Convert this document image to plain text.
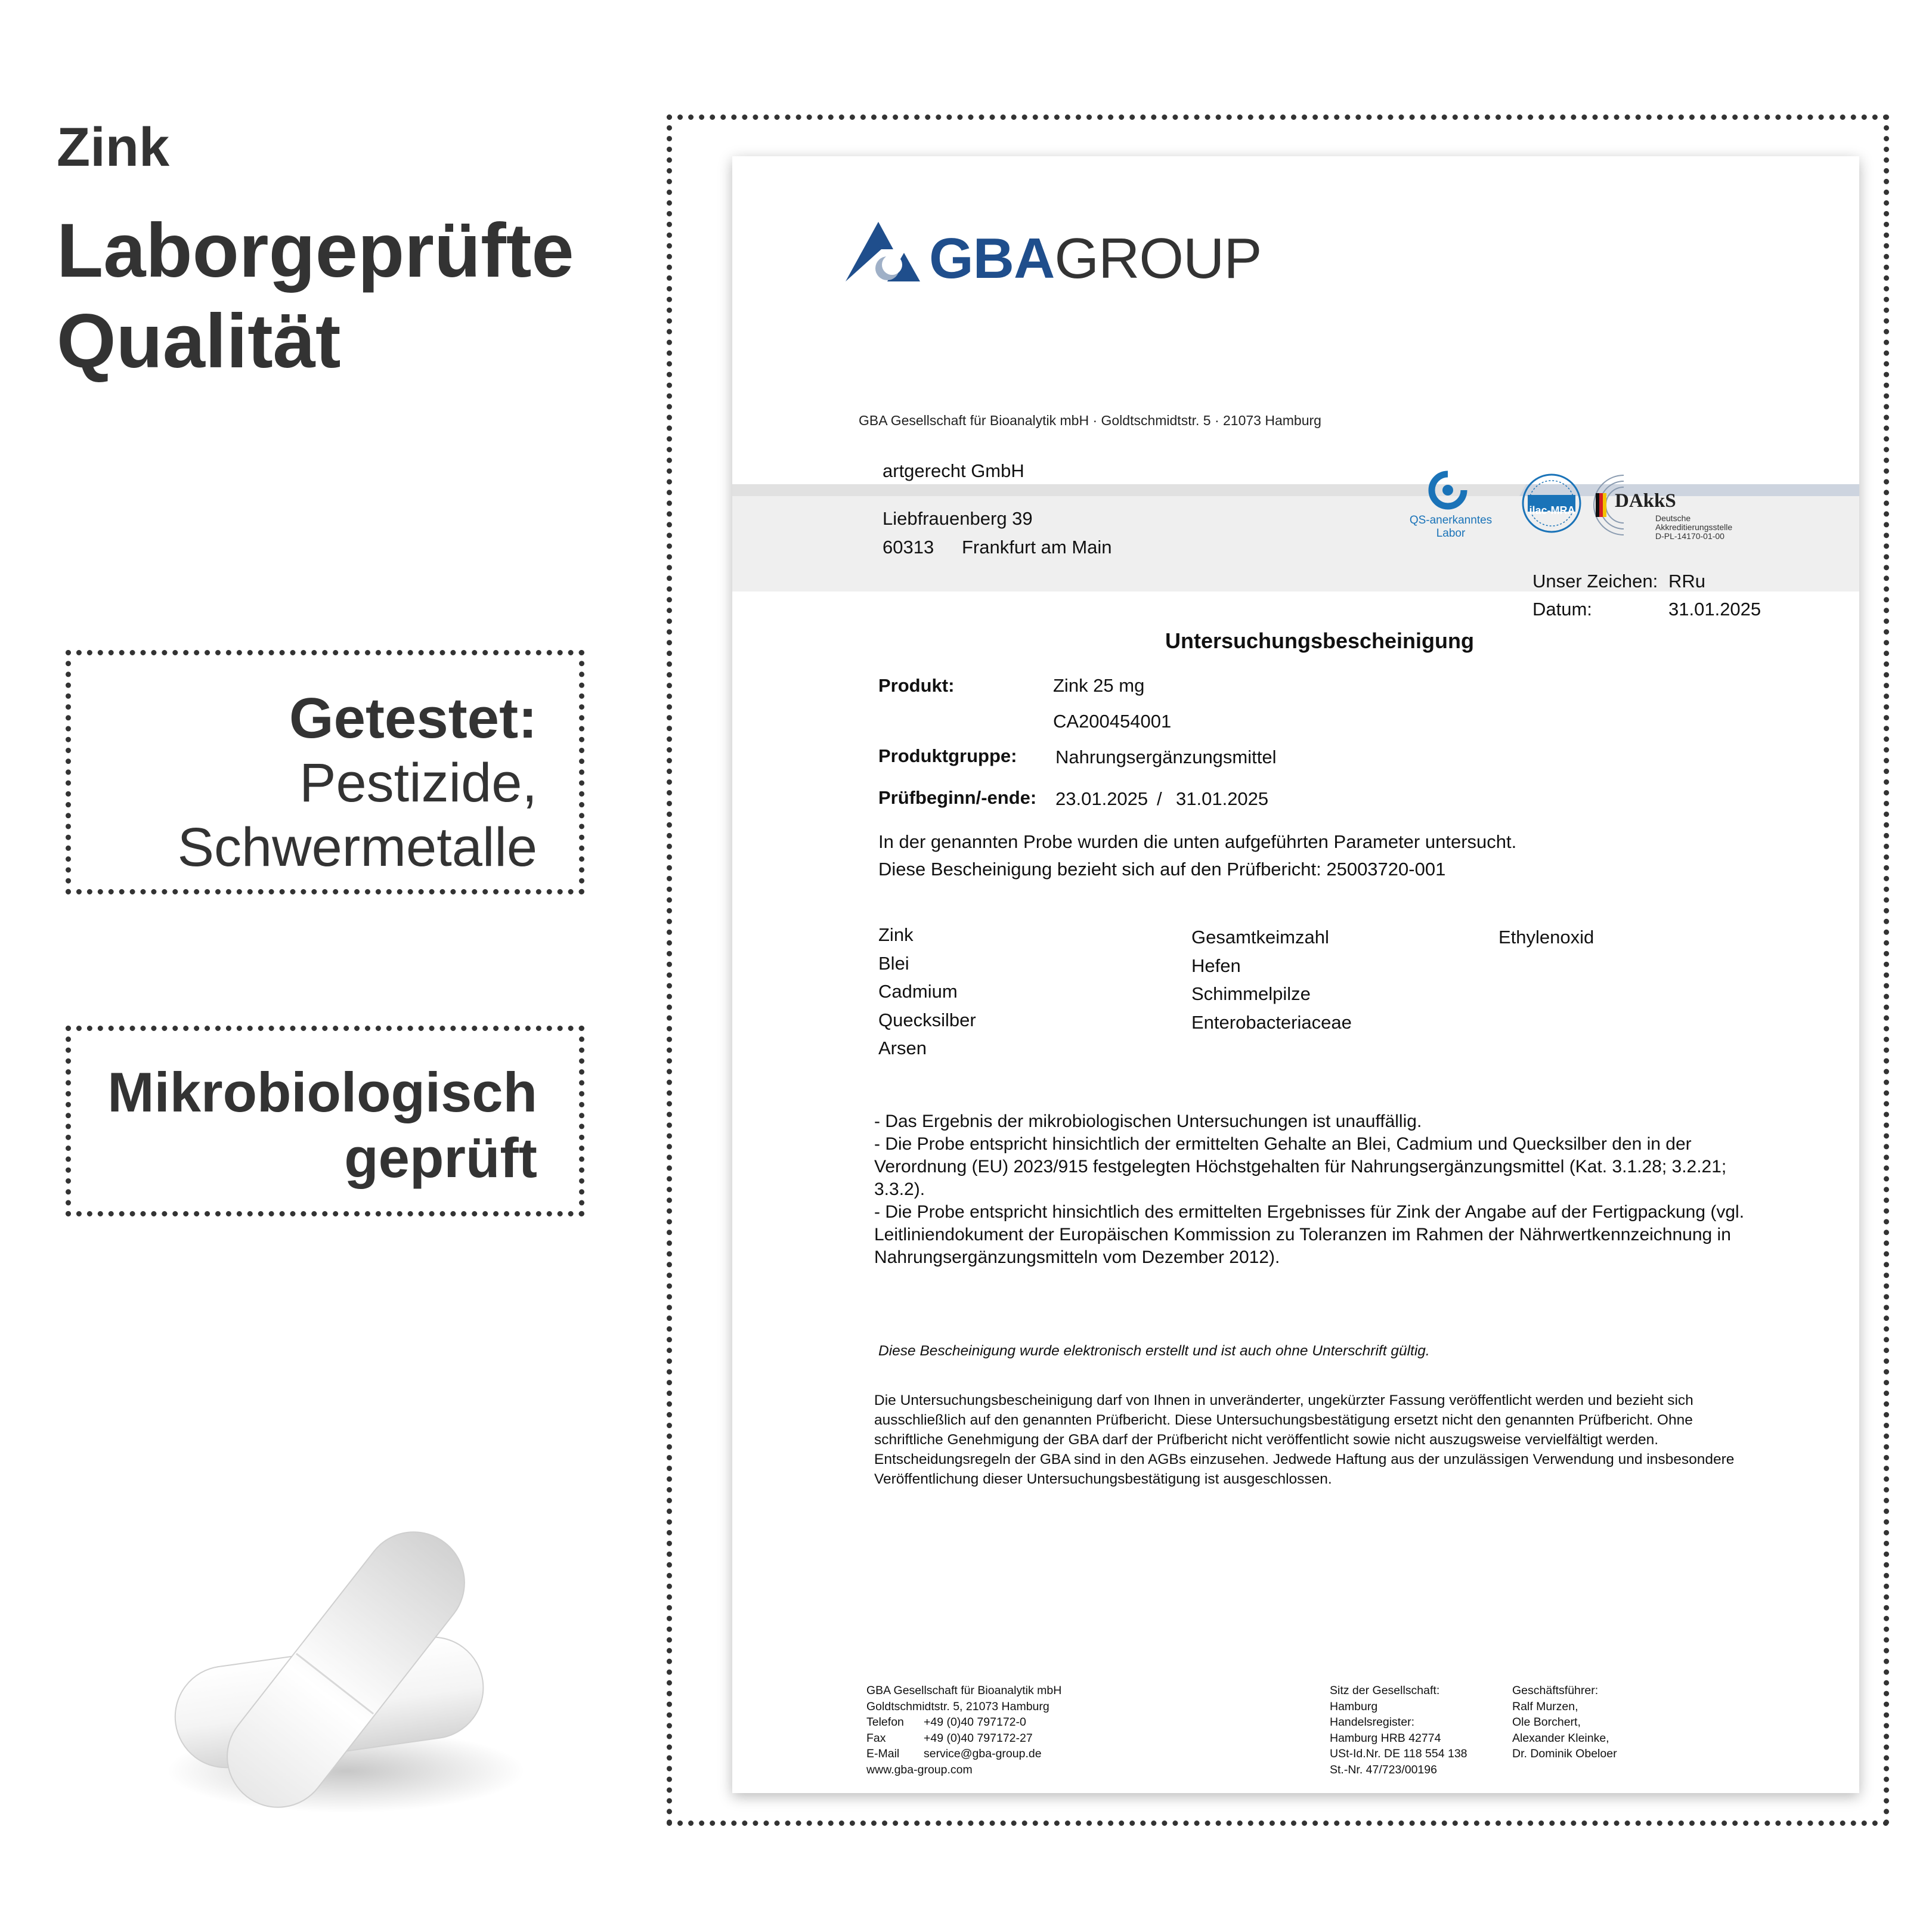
Zink
Laborgeprüfte
Qualität
Getestet:
Pestizide,
Schwermetalle
Mikrobiologisch
geprüft
GBAGROUP
GBA Gesellschaft für Bioanalytik mbH · Goldtschmidtstr. 5 · 21073 Hamburg
artgerecht GmbH
Liebfrauenberg 39
60313 Frankfurt am Main
QS-anerkanntes
Labor
ilac-MRA DAkkS
Deutsche
Akkreditierungsstelle
D-PL-14170-01-00
Unser Zeichen: RRu
Datum:	31.01.2025
Untersuchungsbescheinigung
Produkt:	Zink 25 mg
CA200454001
Produktgruppe: Nahrungsergänzungsmittel
Prüfbeginn/-ende: 23.01.2025 / 31.01.2025
In der genannten Probe wurden die unten aufgeführten Parameter untersucht.
Diese Bescheinigung bezieht sich auf den Prüfbericht: 25003720-001
Zink
Blei
Cadmium
Quecksilber
Arsen
Gesamtkeimzahl
Hefen
Schimmelpilze
Enterobacteriaceae
Ethylenoxid
- Das Ergebnis der mikrobiologischen Untersuchungen ist unauffällig.
- Die Probe entspricht hinsichtlich der ermittelten Gehalte an Blei, Cadmium und Quecksilber den in der
Verordnung (EU) 2023/915 festgelegten Höchstgehalten für Nahrungsergänzungsmittel (Kat. 3.1.28; 3.2.21;
3.3.2).
- Die Probe entspricht hinsichtlich des ermittelten Ergebnisses für Zink der Angabe auf der Fertigpackung (vgl.
Leitliniendokument der Europäischen Kommission zu Toleranzen im Rahmen der Nährwertkennzeichnung in
Nahrungsergänzungsmitteln vom Dezember 2012).
Diese Bescheinigung wurde elektronisch erstellt und ist auch ohne Unterschrift gültig.
Die Untersuchungsbescheinigung darf von Ihnen in unveränderter, ungekürzter Fassung veröffentlicht werden und bezieht sich
ausschließlich auf den genannten Prüfbericht. Diese Untersuchungsbestätigung ersetzt nicht den genannten Prüfbericht. Ohne
schriftliche Genehmigung der GBA darf der Prüfbericht nicht veröffentlicht sowie nicht auszugsweise vervielfältigt werden.
Entscheidungsregeln der GBA sind in den AGBs einzusehen. Jedwede Haftung aus der unzulässigen Verwendung und insbesondere
Veröffentlichung dieser Untersuchungsbestätigung ist ausgeschlossen.
GBA Gesellschaft für Bioanalytik mbH
Goldtschmidtstr. 5, 21073 Hamburg
Telefon +49 (0)40 797172-0
Fax	+49 (0)40 797172-27
E-Mail service@gba-group.de
www.gba-group.com
Sitz der Gesellschaft:
Hamburg
Handelsregister:
Hamburg HRB 42774
USt-Id.Nr. DE 118 554 138
St.-Nr. 47/723/00196
Geschäftsführer:
Ralf Murzen,
Ole Borchert,
Alexander Kleinke,
Dr. Dominik Obeloer
